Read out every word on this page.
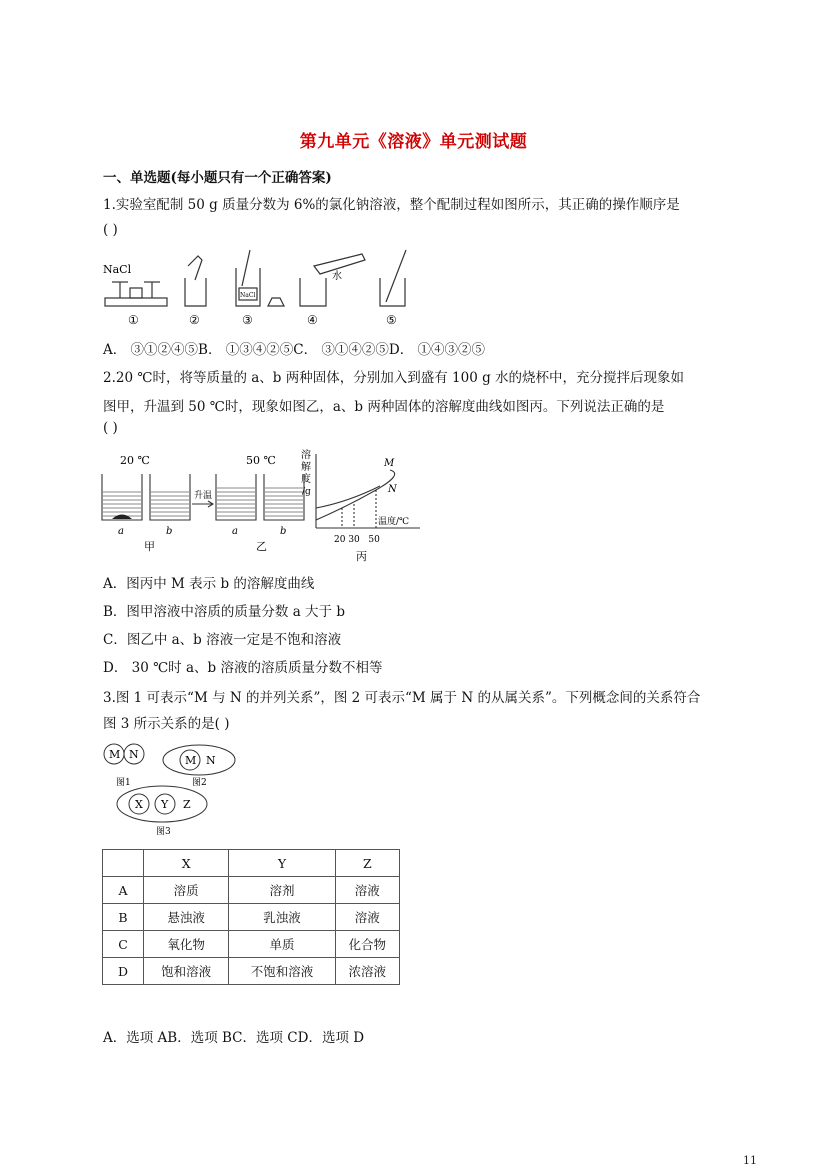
第九单元《溶液》单元测试题
一、单选题(每小题只有一个正确答案)
1.实验室配制 50 g 质量分数为 6%的氯化钠溶液，整个配制过程如图所示，其正确的操作顺序是
( )
NaCl
NaCl
水
①	②	③	④	⑤
A． ③①②④⑤B． ①③④②⑤C． ③①④②⑤D． ①④③②⑤
2.20 ℃时，将等质量的 a、b 两种固体，分别加入到盛有 100 g 水的烧杯中，充分搅拌后现象如
图甲，升温到 50 ℃时，现象如图乙，a、b 两种固体的溶解度曲线如图丙。下列说法正确的是
( )
20 ℃	50 ℃
升温
a	b	a	b
甲	乙
丙
溶
解
度
/g
M
N
温度/℃
20 30   50
A．图丙中 M 表示 b 的溶解度曲线
B．图甲溶液中溶质的质量分数 a 大于 b
C．图乙中 a、b 溶液一定是不饱和溶液
D． 30 ℃时 a、b 溶液的溶质质量分数不相等
3.图 1 可表示“M 与 N 的并列关系”，图 2 可表示“M 属于 N 的从属关系”。下列概念间的关系符合
图 3 所示关系的是( )
M N	M N
X Y Z
图1	图2
图3
	X	Y	Z
A	溶质	溶剂	溶液
B	悬浊液	乳浊液	溶液
C	氧化物	单质	化合物
D	饱和溶液	不饱和溶液	浓溶液
A．选项 AB．选项 BC．选项 CD．选项 D
11
